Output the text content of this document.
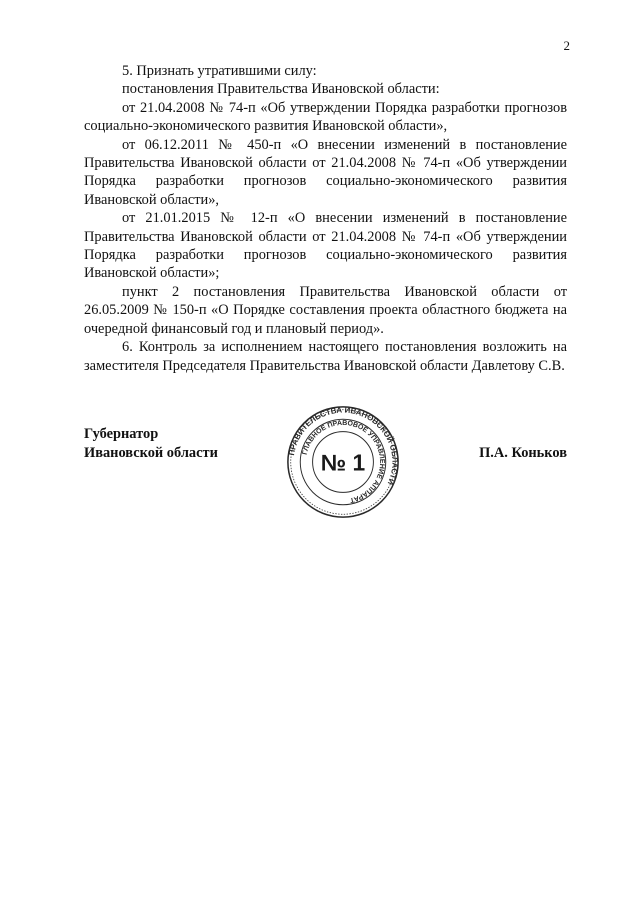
2

5. Признать утратившими силу:

постановления Правительства Ивановской области:

от 21.04.2008 № 74-п «Об утверждении Порядка разработки прогнозов социально-экономического развития Ивановской области»,

от 06.12.2011 № 450-п «О внесении изменений в постановление Правительства Ивановской области от 21.04.2008 № 74-п «Об утверждении Порядка разработки прогнозов социально-экономического развития Ивановской области»,

от 21.01.2015 № 12-п «О внесении изменений в постановление Правительства Ивановской области от 21.04.2008 № 74-п «Об утверждении Порядка разработки прогнозов социально-экономического развития Ивановской области»;

пункт 2 постановления Правительства Ивановской области от 26.05.2009 № 150-п «О Порядке составления проекта областного бюджета на очередной финансовый год и плановый период».

6. Контроль за исполнением настоящего постановления возложить на заместителя Председателя Правительства Ивановской области Давлетову С.В.

Губернатор
Ивановской области	ПРАВИТЕЛЬСТВА ИВАНОВСКОЙ ОБЛАСТИ
ГЛАВНОЕ ПРАВОВОЕ УПРАВЛЕНИЕ АППАРАТ
№ 1	П.А. Коньков
